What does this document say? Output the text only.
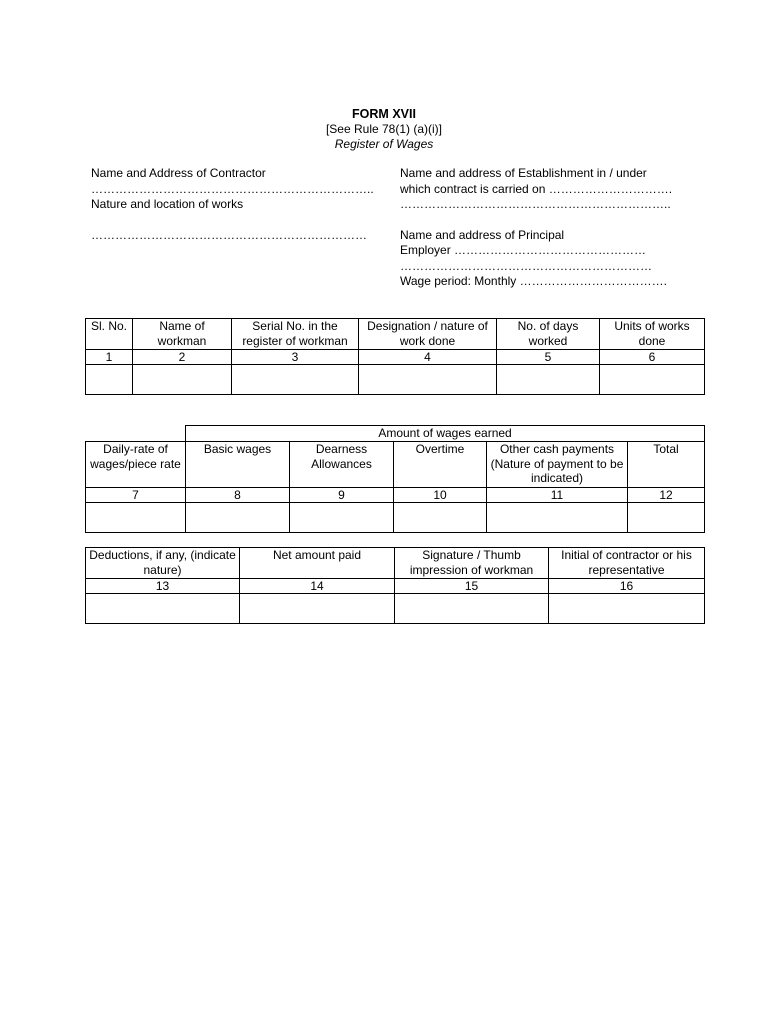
FORM XVII
[See Rule 78(1) (a)(i)]
Register of Wages
Name and Address of Contractor
……………………………………………………………..
Nature and location of works
……………………………………………………………
Name and address of Establishment in / under
which contract is carried on ………………………….
…………………………………………………………..
Name and address of Principal
Employer …………………………………………
………………………………………………………
Wage period: Monthly ……………………………….
Sl. No.	Name of workman	Serial No. in the register of workman	Designation / nature of work done	No. of days worked	Units of works done
1	2	3	4	5	6

	Amount of wages earned				
Daily-rate of wages/piece rate	Basic wages	Dearness Allowances	Overtime	Other cash payments (Nature of payment to be indicated)	Total
7	8	9	10	11	12

Deductions, if any, (indicate nature)	Net amount paid	Signature / Thumb impression of workman	Initial of contractor or his representative
13	14	15	16
